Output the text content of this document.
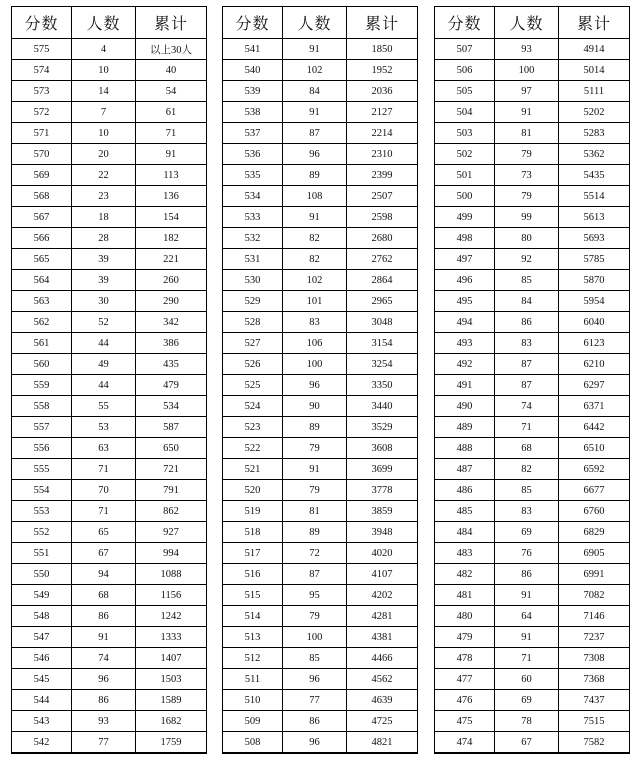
分数	人数	累计
575	4	以上30人
574	10	40
573	14	54
572	7	61
571	10	71
570	20	91
569	22	113
568	23	136
567	18	154
566	28	182
565	39	221
564	39	260
563	30	290
562	52	342
561	44	386
560	49	435
559	44	479
558	55	534
557	53	587
556	63	650
555	71	721
554	70	791
553	71	862
552	65	927
551	67	994
550	94	1088
549	68	1156
548	86	1242
547	91	1333
546	74	1407
545	96	1503
544	86	1589
543	93	1682
542	77	1759
分数	人数	累计
541	91	1850
540	102	1952
539	84	2036
538	91	2127
537	87	2214
536	96	2310
535	89	2399
534	108	2507
533	91	2598
532	82	2680
531	82	2762
530	102	2864
529	101	2965
528	83	3048
527	106	3154
526	100	3254
525	96	3350
524	90	3440
523	89	3529
522	79	3608
521	91	3699
520	79	3778
519	81	3859
518	89	3948
517	72	4020
516	87	4107
515	95	4202
514	79	4281
513	100	4381
512	85	4466
511	96	4562
510	77	4639
509	86	4725
508	96	4821
分数	人数	累计
507	93	4914
506	100	5014
505	97	5111
504	91	5202
503	81	5283
502	79	5362
501	73	5435
500	79	5514
499	99	5613
498	80	5693
497	92	5785
496	85	5870
495	84	5954
494	86	6040
493	83	6123
492	87	6210
491	87	6297
490	74	6371
489	71	6442
488	68	6510
487	82	6592
486	85	6677
485	83	6760
484	69	6829
483	76	6905
482	86	6991
481	91	7082
480	64	7146
479	91	7237
478	71	7308
477	60	7368
476	69	7437
475	78	7515
474	67	7582
